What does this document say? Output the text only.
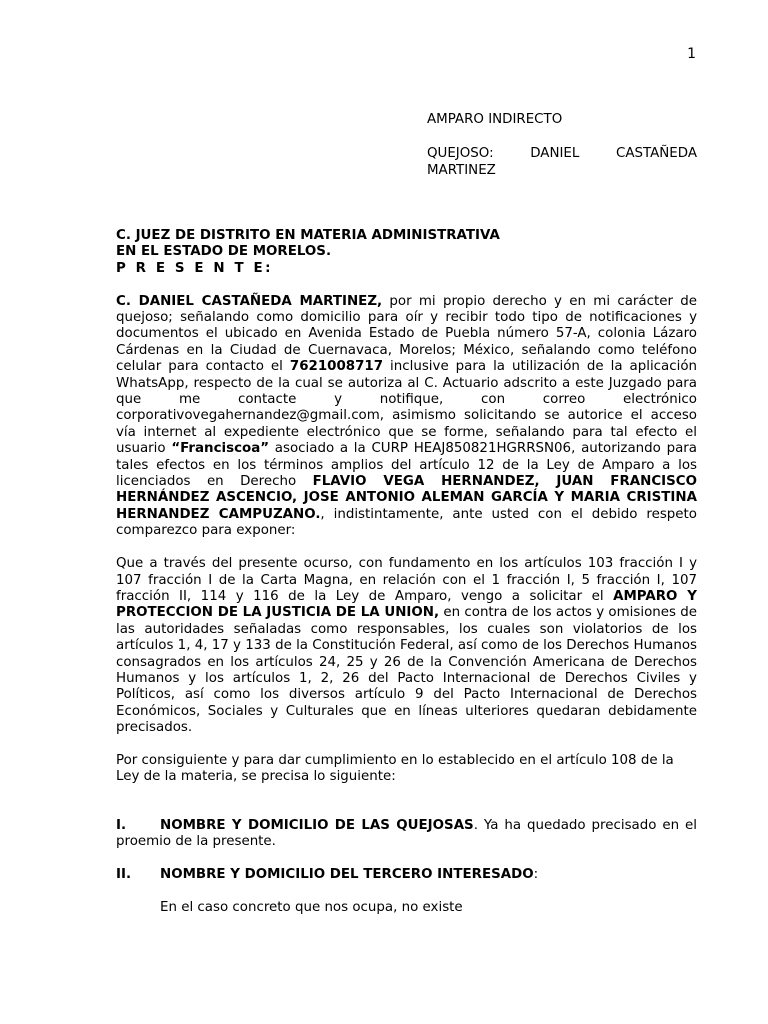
1

AMPARO INDIRECTO

QUEJOSO: DANIEL CASTAÑEDA
MARTINEZ

C. JUEZ DE DISTRITO EN MATERIA ADMINISTRATIVA
EN EL ESTADO DE MORELOS.
P R E S E N T E:

C. DANIEL CASTAÑEDA MARTINEZ, por mi propio derecho y en mi carácter de quejoso; señalando como domicilio para oír y recibir todo tipo de notificaciones y documentos el ubicado en Avenida Estado de Puebla número 57-A, colonia Lázaro Cárdenas en la Ciudad de Cuernavaca, Morelos; México, señalando como teléfono celular para contacto el 7621008717 inclusive para la utilización de la aplicación WhatsApp, respecto de la cual se autoriza al C. Actuario adscrito a este Juzgado para que me contacte y notifique, con correo electrónico corporativovegahernandez@gmail.com, asimismo solicitando se autorice el acceso vía internet al expediente electrónico que se forme, señalando para tal efecto el usuario “Franciscoa” asociado a la CURP HEAJ850821HGRRSN06, autorizando para tales efectos en los términos amplios del artículo 12 de la Ley de Amparo a los licenciados en Derecho FLAVIO VEGA HERNANDEZ, JUAN FRANCISCO HERNÁNDEZ ASCENCIO, JOSE ANTONIO ALEMAN GARCÍA Y MARIA CRISTINA HERNANDEZ CAMPUZANO., indistintamente, ante usted con el debido respeto comparezco para exponer:

Que a través del presente ocurso, con fundamento en los artículos 103 fracción I y 107 fracción I de la Carta Magna, en relación con el 1 fracción I, 5 fracción I, 107 fracción II, 114 y 116 de la Ley de Amparo, vengo a solicitar el AMPARO Y PROTECCION DE LA JUSTICIA DE LA UNION, en contra de los actos y omisiones de las autoridades señaladas como responsables, los cuales son violatorios de los artículos 1, 4, 17 y 133 de la Constitución Federal, así como de los Derechos Humanos consagrados en los artículos 24, 25 y 26 de la Convención Americana de Derechos Humanos y los artículos 1, 2, 26 del Pacto Internacional de Derechos Civiles y Políticos, así como los diversos artículo 9 del Pacto Internacional de Derechos Económicos, Sociales y Culturales que en líneas ulteriores quedaran debidamente precisados.

Por consiguiente y para dar cumplimiento en lo establecido en el artículo 108 de la Ley de la materia, se precisa lo siguiente:

I.	NOMBRE Y DOMICILIO DE LAS QUEJOSAS. Ya ha quedado precisado en el proemio de la presente.

II. NOMBRE Y DOMICILIO DEL TERCERO INTERESADO:

En el caso concreto que nos ocupa, no existe
